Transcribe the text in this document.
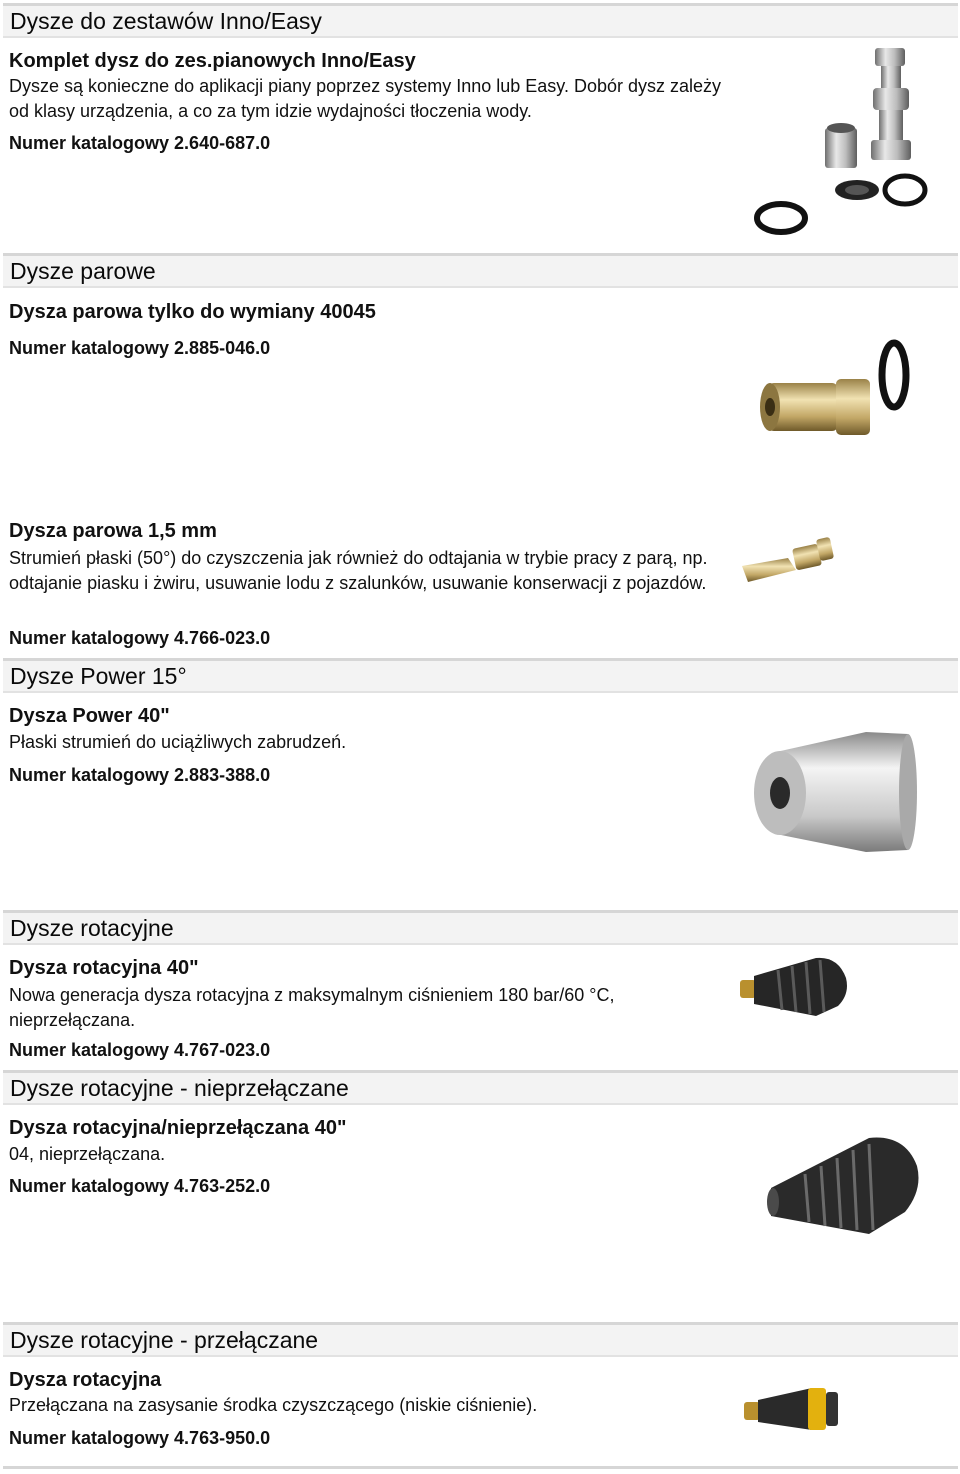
Dysze do zestawów Inno/Easy
Komplet dysz do zes.pianowych Inno/Easy
Dysze są konieczne do aplikacji piany poprzez systemy Inno lub Easy. Dobór dysz zależy od klasy urządzenia, a co za tym idzie wydajności tłoczenia wody.
Numer katalogowy 2.640-687.0
Dysze parowe
Dysza parowa tylko do wymiany 40045
Numer katalogowy 2.885-046.0
Dysza parowa 1,5 mm
Strumień płaski (50°) do czyszczenia jak również do odtajania w trybie pracy z parą, np. odtajanie piasku i żwiru, usuwanie lodu z szalunków, usuwanie konserwacji z pojazdów.
Numer katalogowy 4.766-023.0
Dysze Power 15°
Dysza Power 40"
Płaski strumień do uciążliwych zabrudzeń.
Numer katalogowy 2.883-388.0
Dysze rotacyjne
Dysza rotacyjna 40"
Nowa generacja dysza rotacyjna z maksymalnym ciśnieniem 180 bar/60 °C, nieprzełączana.
Numer katalogowy 4.767-023.0
Dysze rotacyjne - nieprzełączane
Dysza rotacyjna/nieprzełączana 40"
04, nieprzełączana.
Numer katalogowy 4.763-252.0
Dysze rotacyjne - przełączane
Dysza rotacyjna
Przełączana na zasysanie środka czyszczącego (niskie ciśnienie).
Numer katalogowy 4.763-950.0
